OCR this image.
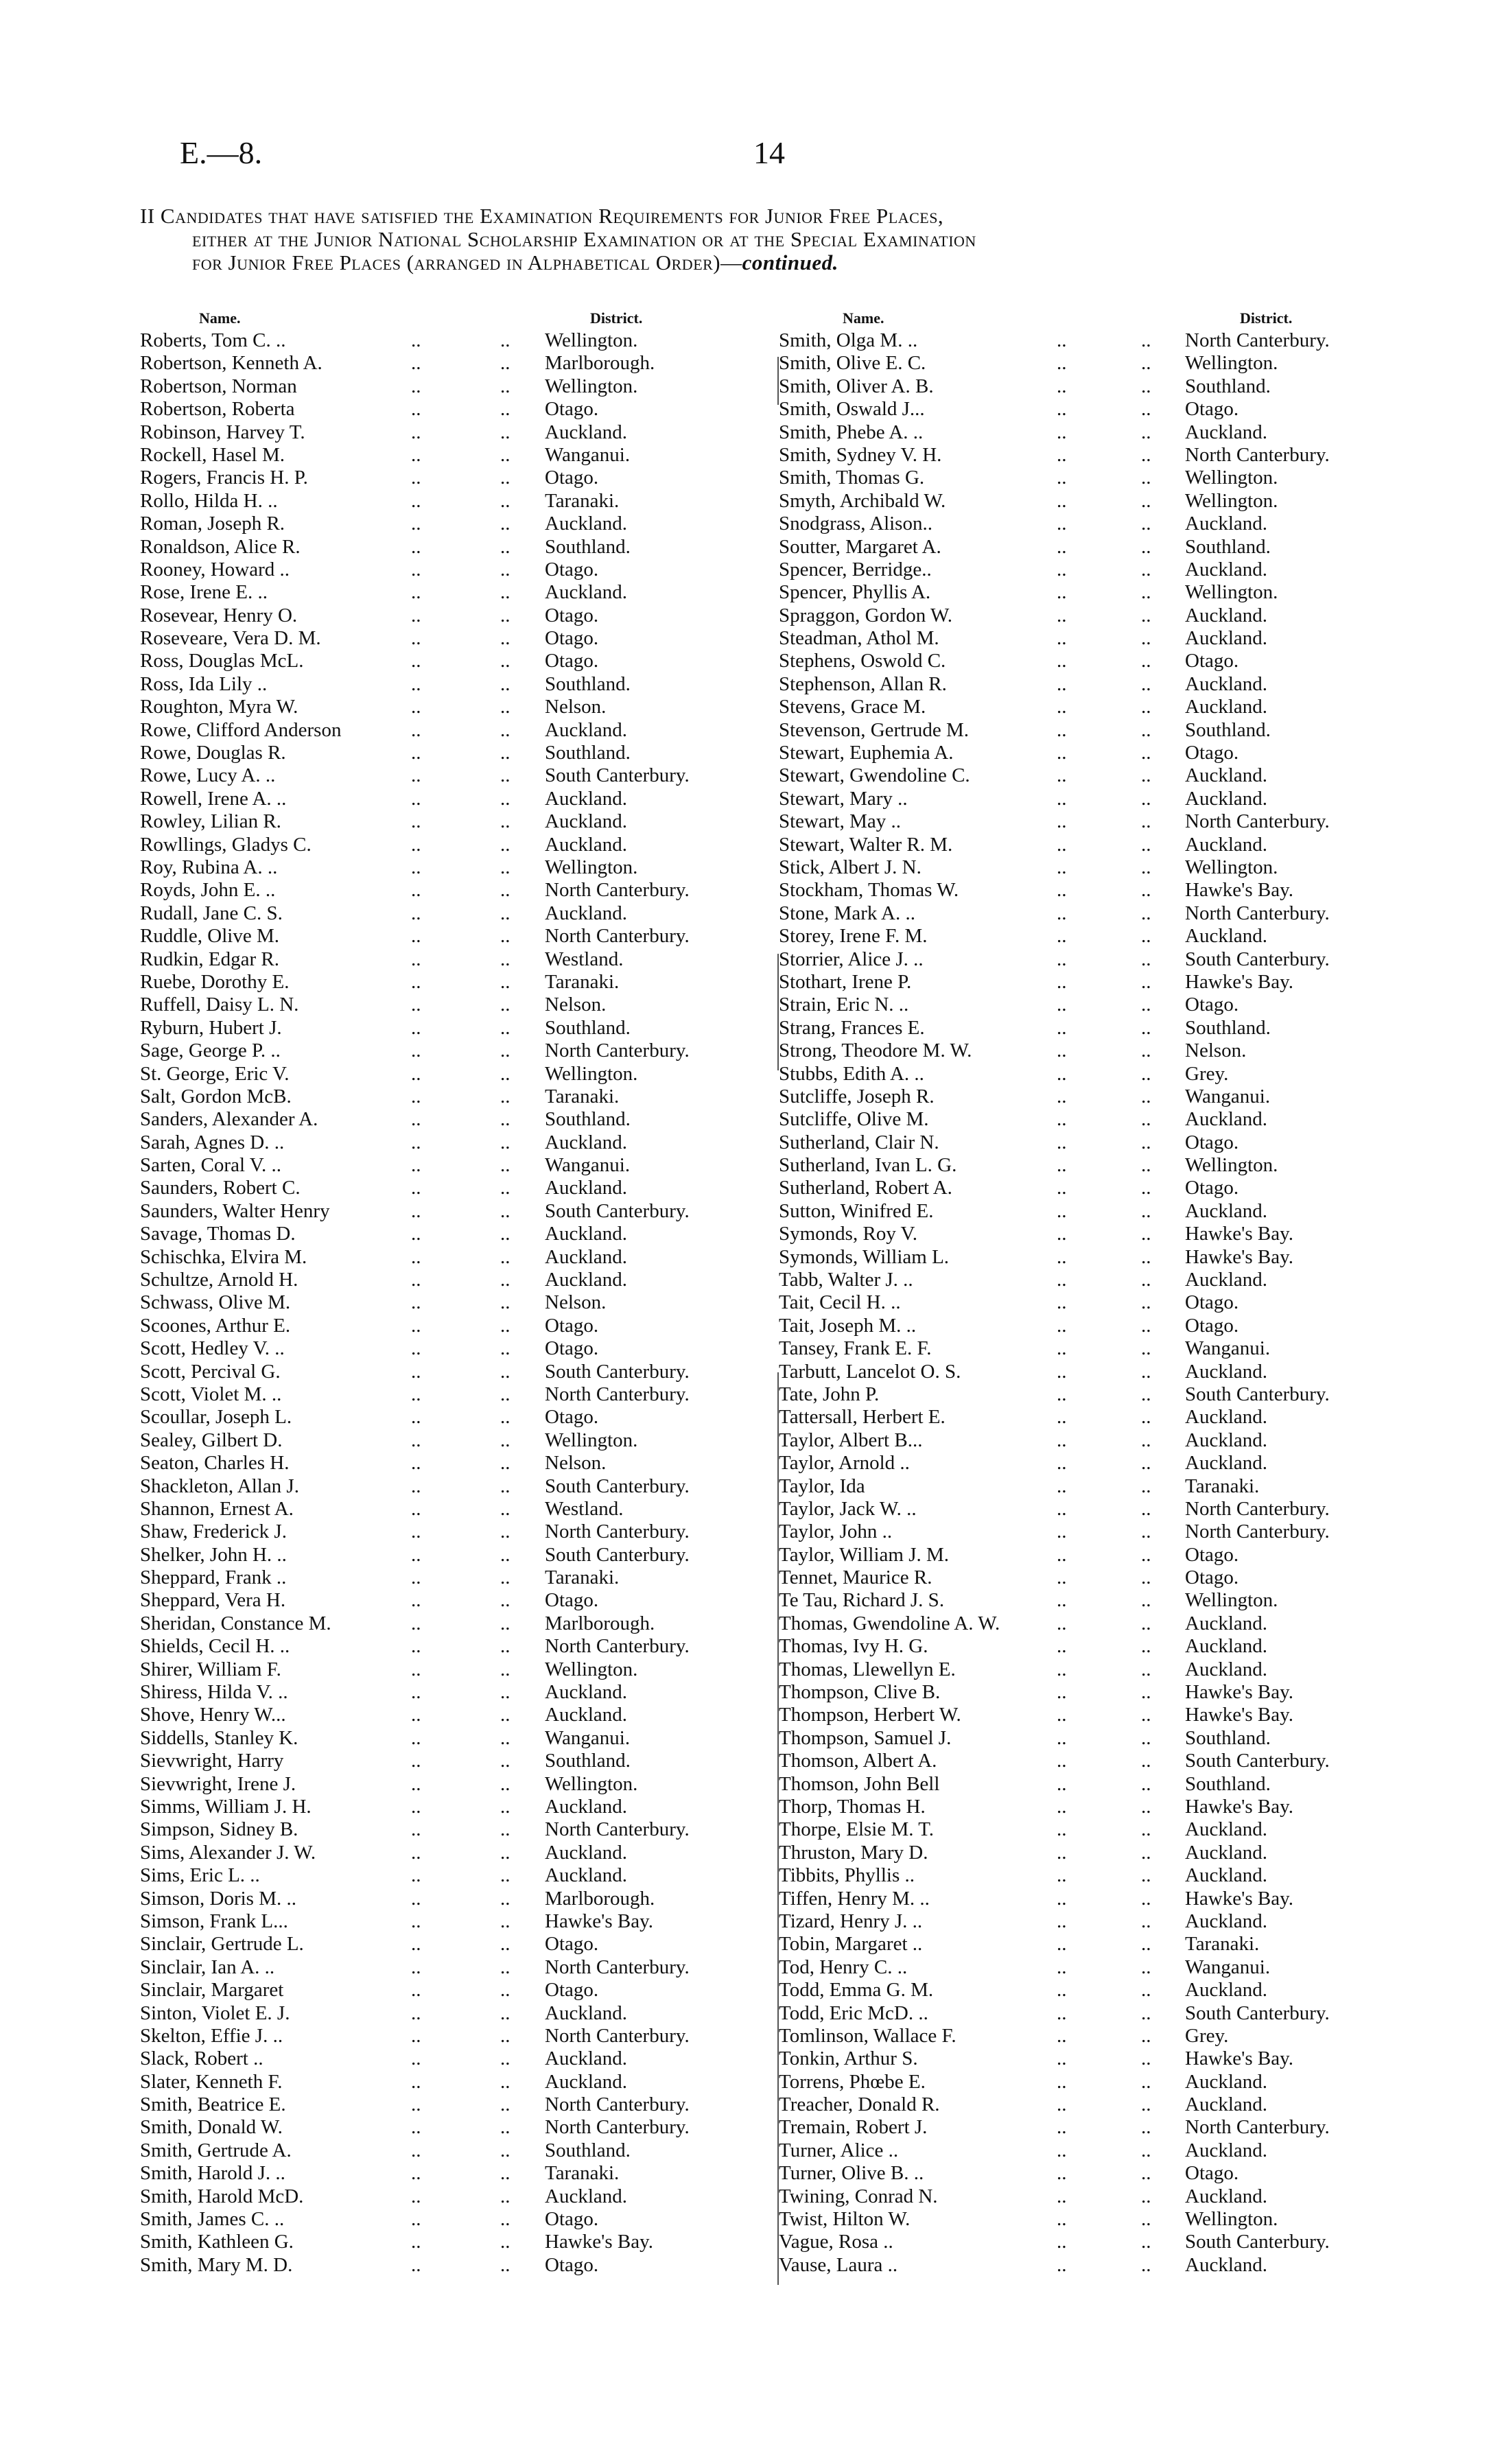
E.—8.	14
II Candidates that have satisfied the Examination Requirements for Junior Free Places,
either at the Junior National Scholarship Examination or at the Special Examination
for Junior Free Places (arranged in Alphabetical Order)—continued.
Name.	District.	Name.	District.
Roberts, Tom C. ..	..	.. Wellington.
Robertson, Kenneth A.	..	.. Marlborough.
Robertson, Norman	..	.. Wellington.
Robertson, Roberta	..	.. Otago.
Robinson, Harvey T.	..	.. Auckland.
Rockell, Hasel M.	..	.. Wanganui.
Rogers, Francis H. P.	..	.. Otago.
Rollo, Hilda H. ..	..	.. Taranaki.
Roman, Joseph R.	..	.. Auckland.
Ronaldson, Alice R.	..	.. Southland.
Rooney, Howard ..	..	.. Otago.
Rose, Irene E. ..	..	.. Auckland.
Rosevear, Henry O.	..	.. Otago.
Roseveare, Vera D. M.	..	.. Otago.
Ross, Douglas McL.	..	.. Otago.
Ross, Ida Lily ..	..	.. Southland.
Roughton, Myra W.	..	.. Nelson.
Rowe, Clifford Anderson	..	.. Auckland.
Rowe, Douglas R.	..	.. Southland.
Rowe, Lucy A. ..	..	.. South Canterbury.
Rowell, Irene A. ..	..	.. Auckland.
Rowley, Lilian R.	..	.. Auckland.
Rowllings, Gladys C.	..	.. Auckland.
Roy, Rubina A. ..	..	.. Wellington.
Royds, John E. ..	..	.. North Canterbury.
Rudall, Jane C. S.	..	.. Auckland.
Ruddle, Olive M.	..	.. North Canterbury.
Rudkin, Edgar R.	..	.. Westland.
Ruebe, Dorothy E.	..	.. Taranaki.
Ruffell, Daisy L. N.	..	.. Nelson.
Ryburn, Hubert J.	..	.. Southland.
Sage, George P. ..	..	.. North Canterbury.
St. George, Eric V.	..	.. Wellington.
Salt, Gordon McB.	..	.. Taranaki.
Sanders, Alexander A.	..	.. Southland.
Sarah, Agnes D. ..	..	.. Auckland.
Sarten, Coral V. ..	..	.. Wanganui.
Saunders, Robert C.	..	.. Auckland.
Saunders, Walter Henry	..	.. South Canterbury.
Savage, Thomas D.	..	.. Auckland.
Schischka, Elvira M.	..	.. Auckland.
Schultze, Arnold H.	..	.. Auckland.
Schwass, Olive M.	..	.. Nelson.
Scoones, Arthur E.	..	.. Otago.
Scott, Hedley V. ..	..	.. Otago.
Scott, Percival G.	..	.. South Canterbury.
Scott, Violet M. ..	..	.. North Canterbury.
Scoullar, Joseph L.	..	.. Otago.
Sealey, Gilbert D.	..	.. Wellington.
Seaton, Charles H.	..	.. Nelson.
Shackleton, Allan J.	..	.. South Canterbury.
Shannon, Ernest A.	..	.. Westland.
Shaw, Frederick J.	..	.. North Canterbury.
Shelker, John H. ..	..	.. South Canterbury.
Sheppard, Frank ..	..	.. Taranaki.
Sheppard, Vera H.	..	.. Otago.
Sheridan, Constance M.	..	.. Marlborough.
Shields, Cecil H. ..	..	.. North Canterbury.
Shirer, William F.	..	.. Wellington.
Shiress, Hilda V. ..	..	.. Auckland.
Shove, Henry W...	..	.. Auckland.
Siddells, Stanley K.	..	.. Wanganui.
Sievwright, Harry	..	.. Southland.
Sievwright, Irene J.	..	.. Wellington.
Simms, William J. H.	..	.. Auckland.
Simpson, Sidney B.	..	.. North Canterbury.
Sims, Alexander J. W.	..	.. Auckland.
Sims, Eric L. ..	..	.. Auckland.
Simson, Doris M. ..	..	.. Marlborough.
Simson, Frank L...	..	.. Hawke's Bay.
Sinclair, Gertrude L.	..	.. Otago.
Sinclair, Ian A. ..	..	.. North Canterbury.
Sinclair, Margaret	..	.. Otago.
Sinton, Violet E. J.	..	.. Auckland.
Skelton, Effie J. ..	..	.. North Canterbury.
Slack, Robert ..	..	.. Auckland.
Slater, Kenneth F.	..	.. Auckland.
Smith, Beatrice E.	..	.. North Canterbury.
Smith, Donald W.	..	.. North Canterbury.
Smith, Gertrude A.	..	.. Southland.
Smith, Harold J. ..	..	.. Taranaki.
Smith, Harold McD.	..	.. Auckland.
Smith, James C. ..	..	.. Otago.
Smith, Kathleen G.	..	.. Hawke's Bay.
Smith, Mary M. D.	..	.. Otago.
Smith, Olga M. ..	..	.. North Canterbury.
Smith, Olive E. C.	..	.. Wellington.
Smith, Oliver A. B.	..	.. Southland.
Smith, Oswald J...	..	.. Otago.
Smith, Phebe A. ..	..	.. Auckland.
Smith, Sydney V. H.	..	.. North Canterbury.
Smith, Thomas G.	..	.. Wellington.
Smyth, Archibald W.	..	.. Wellington.
Snodgrass, Alison..	..	.. Auckland.
Soutter, Margaret A.	..	.. Southland.
Spencer, Berridge..	..	.. Auckland.
Spencer, Phyllis A.	..	.. Wellington.
Spraggon, Gordon W.	..	.. Auckland.
Steadman, Athol M.	..	.. Auckland.
Stephens, Oswold C.	..	.. Otago.
Stephenson, Allan R.	..	.. Auckland.
Stevens, Grace M.	..	.. Auckland.
Stevenson, Gertrude M.	..	.. Southland.
Stewart, Euphemia A.	..	.. Otago.
Stewart, Gwendoline C.	..	.. Auckland.
Stewart, Mary ..	..	.. Auckland.
Stewart, May ..	..	.. North Canterbury.
Stewart, Walter R. M.	..	.. Auckland.
Stick, Albert J. N.	..	.. Wellington.
Stockham, Thomas W.	..	.. Hawke's Bay.
Stone, Mark A. ..	..	.. North Canterbury.
Storey, Irene F. M.	..	.. Auckland.
Storrier, Alice J. ..	..	.. South Canterbury.
Stothart, Irene P.	..	.. Hawke's Bay.
Strain, Eric N. ..	..	.. Otago.
Strang, Frances E.	..	.. Southland.
Strong, Theodore M. W.	..	.. Nelson.
Stubbs, Edith A. ..	..	.. Grey.
Sutcliffe, Joseph R.	..	.. Wanganui.
Sutcliffe, Olive M.	..	.. Auckland.
Sutherland, Clair N.	..	.. Otago.
Sutherland, Ivan L. G.	..	.. Wellington.
Sutherland, Robert A.	..	.. Otago.
Sutton, Winifred E.	..	.. Auckland.
Symonds, Roy V.	..	.. Hawke's Bay.
Symonds, William L.	..	.. Hawke's Bay.
Tabb, Walter J. ..	..	.. Auckland.
Tait, Cecil H. ..	..	.. Otago.
Tait, Joseph M. ..	..	.. Otago.
Tansey, Frank E. F.	..	.. Wanganui.
Tarbutt, Lancelot O. S.	..	.. Auckland.
Tate, John P.	..	.. South Canterbury.
Tattersall, Herbert E.	..	.. Auckland.
Taylor, Albert B...	..	.. Auckland.
Taylor, Arnold ..	..	.. Auckland.
Taylor, Ida	..	.. Taranaki.
Taylor, Jack W. ..	..	.. North Canterbury.
Taylor, John ..	..	.. North Canterbury.
Taylor, William J. M.	..	.. Otago.
Tennet, Maurice R.	..	.. Otago.
Te Tau, Richard J. S.	..	.. Wellington.
Thomas, Gwendoline A. W.	..	.. Auckland.
Thomas, Ivy H. G.	..	.. Auckland.
Thomas, Llewellyn E.	..	.. Auckland.
Thompson, Clive B.	..	.. Hawke's Bay.
Thompson, Herbert W.	..	.. Hawke's Bay.
Thompson, Samuel J.	..	.. Southland.
Thomson, Albert A.	..	.. South Canterbury.
Thomson, John Bell	..	.. Southland.
Thorp, Thomas H.	..	.. Hawke's Bay.
Thorpe, Elsie M. T.	..	.. Auckland.
Thruston, Mary D.	..	.. Auckland.
Tibbits, Phyllis ..	..	.. Auckland.
Tiffen, Henry M. ..	..	.. Hawke's Bay.
Tizard, Henry J. ..	..	.. Auckland.
Tobin, Margaret ..	..	.. Taranaki.
Tod, Henry C. ..	..	.. Wanganui.
Todd, Emma G. M.	..	.. Auckland.
Todd, Eric McD. ..	..	.. South Canterbury.
Tomlinson, Wallace F.	..	.. Grey.
Tonkin, Arthur S.	..	.. Hawke's Bay.
Torrens, Phœbe E.	..	.. Auckland.
Treacher, Donald R.	..	.. Auckland.
Tremain, Robert J.	..	.. North Canterbury.
Turner, Alice ..	..	.. Auckland.
Turner, Olive B. ..	..	.. Otago.
Twining, Conrad N.	..	.. Auckland.
Twist, Hilton W.	..	.. Wellington.
Vague, Rosa ..	..	.. South Canterbury.
Vause, Laura ..	..	.. Auckland.
